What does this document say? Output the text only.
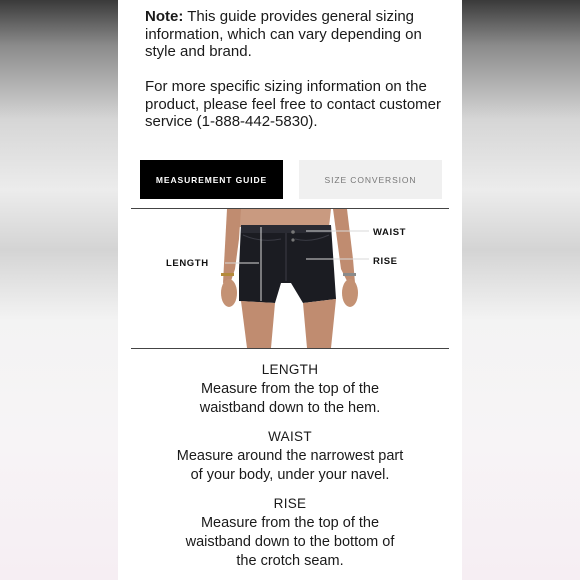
Note: This guide provides general sizing information, which can vary depending on style and brand.

For more specific sizing information on the product, please feel free to contact customer service (1-888-442-5830).

MEASUREMENT GUIDE	SIZE CONVERSION
LENGTH
WAIST
RISE
LENGTH
Measure from the top of the
waistband down to the hem.
WAIST
Measure around the narrowest part
of your body, under your navel.
RISE
Measure from the top of the
waistband down to the bottom of
the crotch seam.
